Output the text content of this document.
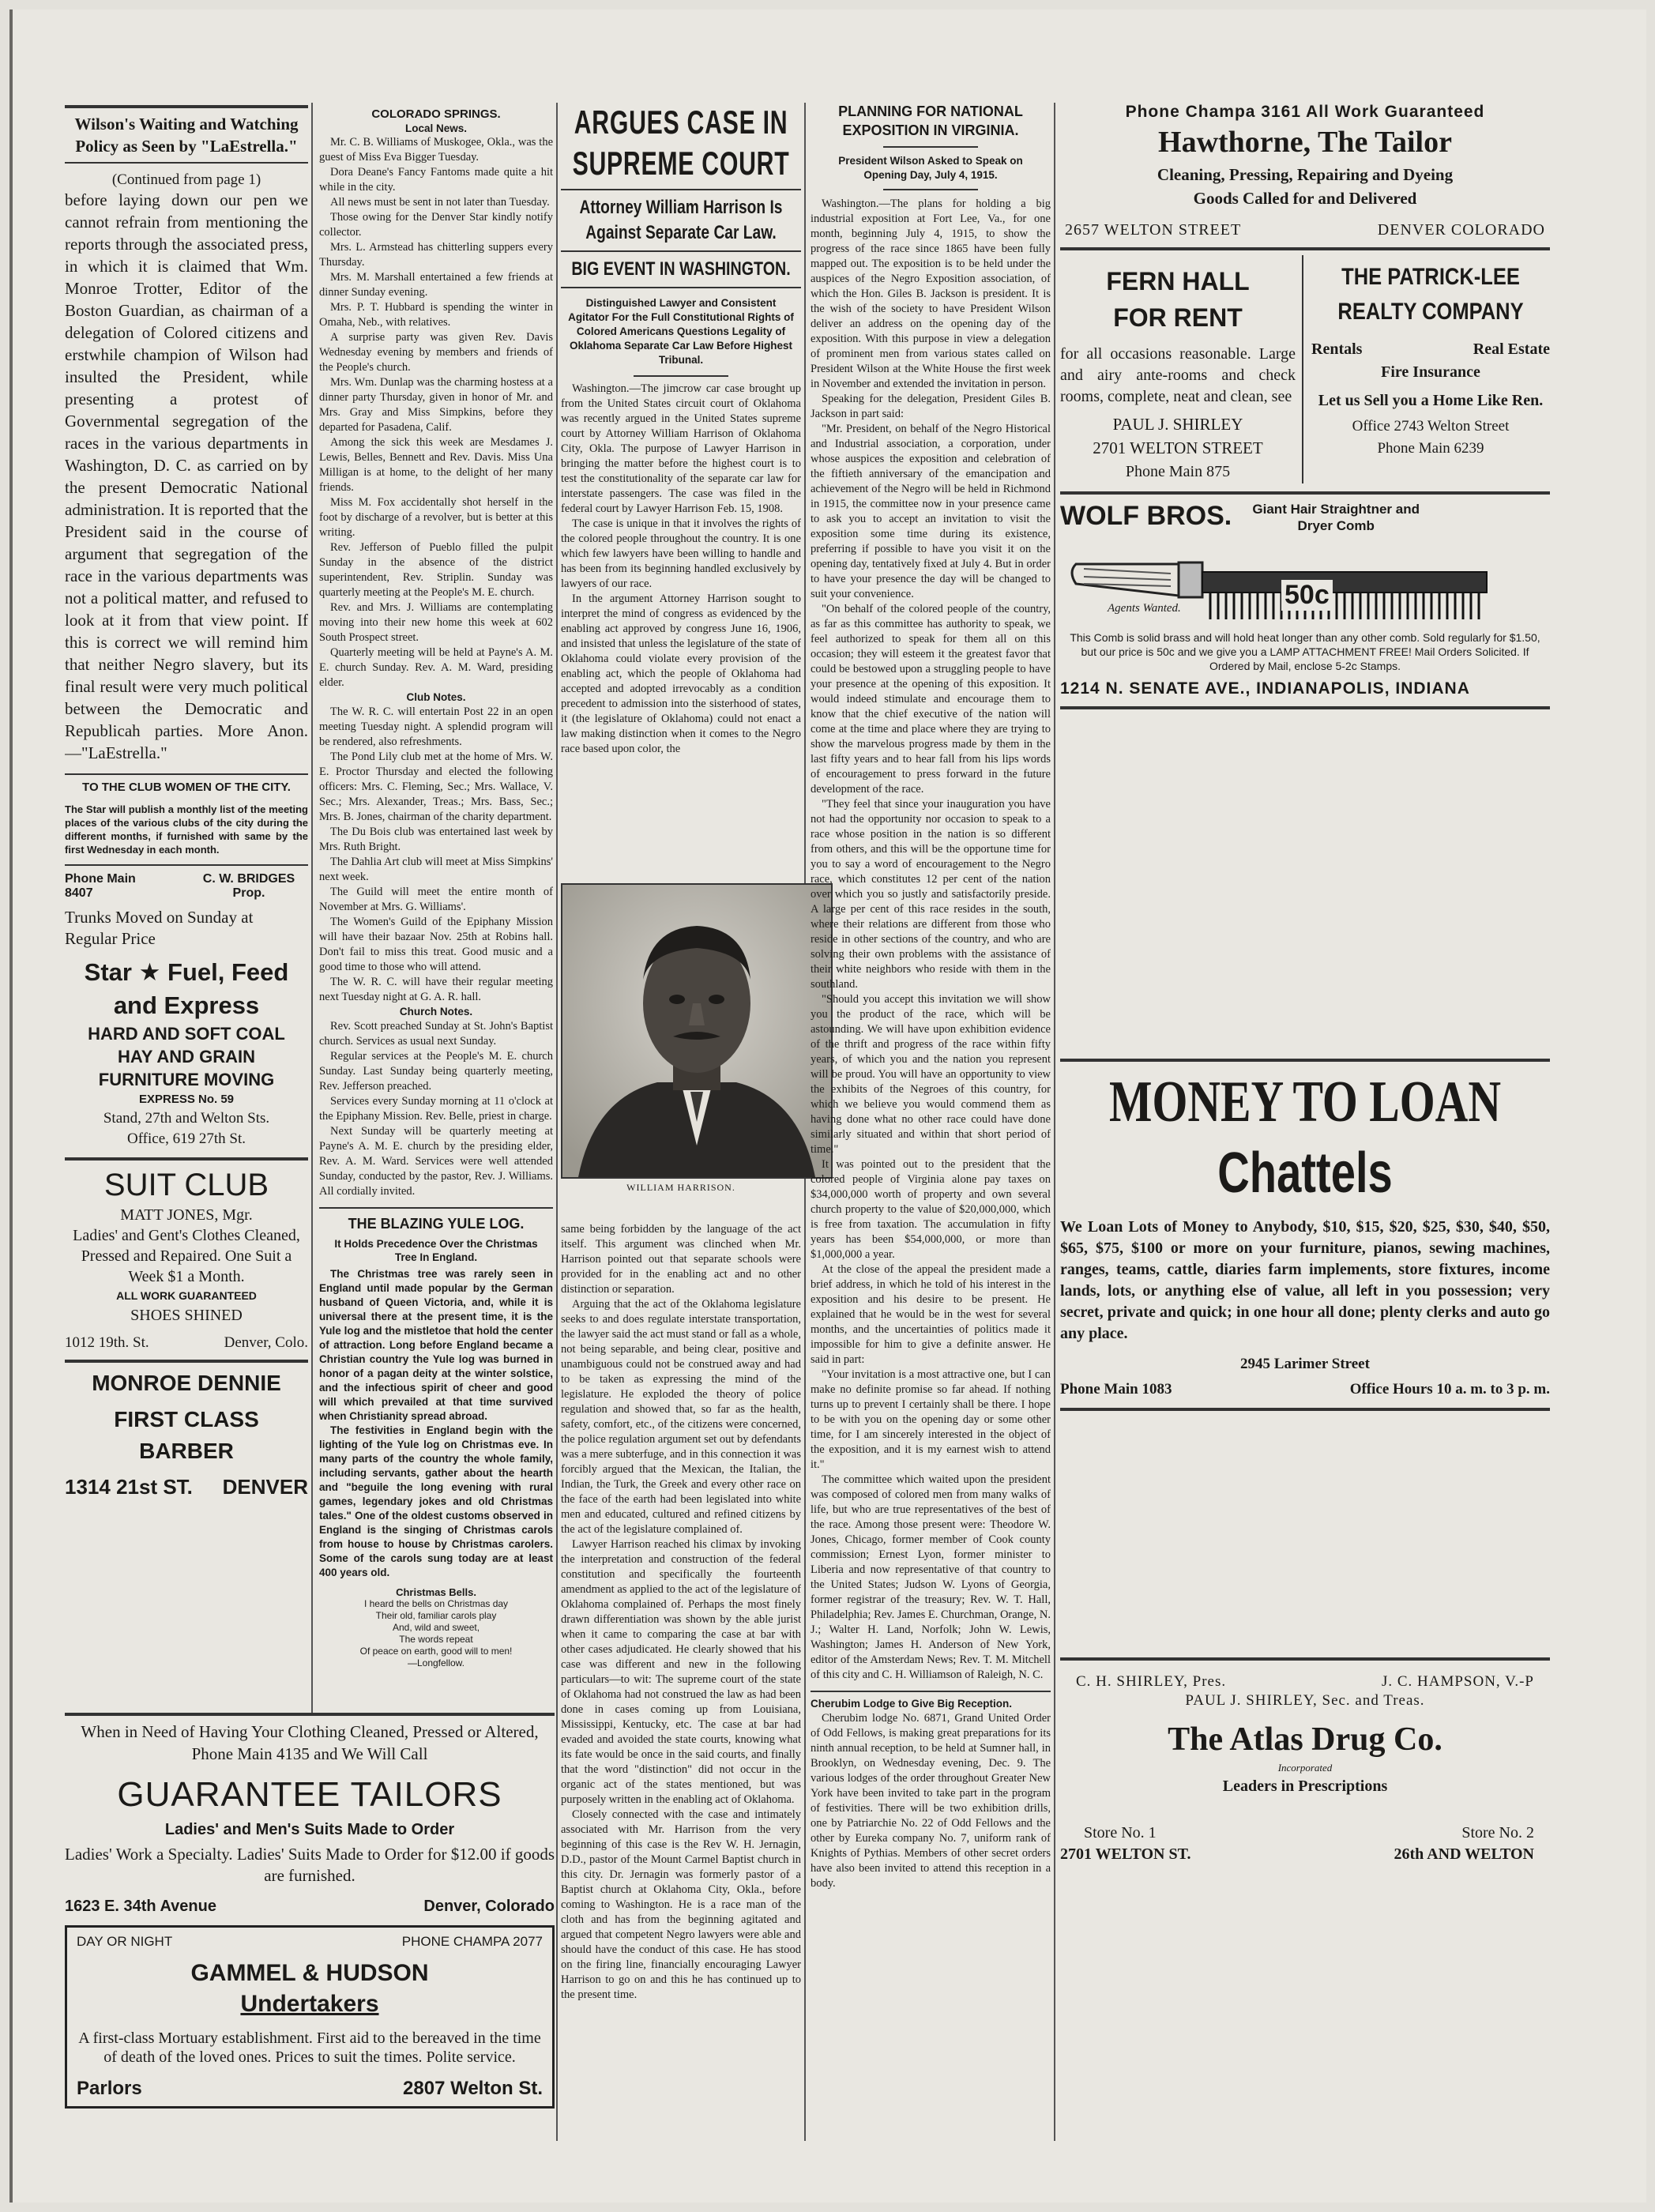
Wilson's Waiting and Watching Policy as Seen by "LaEstrella."
(Continued from page 1)
before laying down our pen we cannot refrain from mentioning the reports through the associated press, in which it is claimed that Wm. Monroe Trotter, Editor of the Boston Guardian, as chairman of a delegation of Colored citizens and erstwhile champion of Wilson had insulted the President, while presenting a protest of Governmental segregation of the races in the various departments in Washington, D. C. as carried on by the present Democratic National administration. It is reported that the President said in the course of argument that segregation of the race in the various departments was not a political matter, and refused to look at it from that view point. If this is correct we will remind him that neither Negro slavery, but its final result were very much political between the Democratic and Republicah parties. More Anon.—"LaEstrella."
TO THE CLUB WOMEN OF THE CITY.
The Star will publish a monthly list of the meeting places of the various clubs of the city during the different months, if furnished with same by the first Wednesday in each month.
Phone Main 8407
C. W. BRIDGES Prop.
Trunks Moved on Sunday at Regular Price
Star ★ Fuel, Feed and Express
HARD AND SOFT COAL
HAY AND GRAIN
FURNITURE MOVING
EXPRESS No. 59
Stand, 27th and Welton Sts.
Office, 619 27th St.
SUIT CLUB
MATT JONES, Mgr.
Ladies' and Gent's Clothes Cleaned, Pressed and Repaired. One Suit a Week $1 a Month.
ALL WORK GUARANTEED
SHOES SHINED
1012 19th. St.	Denver, Colo.
MONROE DENNIE
FIRST CLASS BARBER
1314 21st ST. DENVER
COLORADO SPRINGS.
Local News.

Mr. C. B. Williams of Muskogee, Okla., was the guest of Miss Eva Bigger Tuesday.

Dora Deane's Fancy Fantoms made quite a hit while in the city.

All news must be sent in not later than Tuesday.

Those owing for the Denver Star kindly notify collector.

Mrs. L. Armstead has chitterling suppers every Thursday.

Mrs. M. Marshall entertained a few friends at dinner Sunday evening.

Mrs. P. T. Hubbard is spending the winter in Omaha, Neb., with relatives.

A surprise party was given Rev. Davis Wednesday evening by members and friends of the People's church.

Mrs. Wm. Dunlap was the charming hostess at a dinner party Thursday, given in honor of Mr. and Mrs. Gray and Miss Simpkins, before they departed for Pasadena, Calif.

Among the sick this week are Mesdames J. Lewis, Belles, Bennett and Rev. Davis. Miss Una Milligan is at home, to the delight of her many friends.

Miss M. Fox accidentally shot herself in the foot by discharge of a revolver, but is better at this writing.

Rev. Jefferson of Pueblo filled the pulpit Sunday in the absence of the district superintendent, Rev. Striplin. Sunday was quarterly meeting at the People's M. E. church.

Rev. and Mrs. J. Williams are contemplating moving into their new home this week at 602 South Prospect street.

Quarterly meeting will be held at Payne's A. M. E. church Sunday. Rev. A. M. Ward, presiding elder.

Club Notes.

The W. R. C. will entertain Post 22 in an open meeting Tuesday night. A splendid program will be rendered, also refreshments.

The Pond Lily club met at the home of Mrs. W. E. Proctor Thursday and elected the following officers: Mrs. C. Fleming, Sec.; Mrs. Wallace, V. Sec.; Mrs. Alexander, Treas.; Mrs. Bass, Sec.; Mrs. B. Jones, chairman of the charity department.

The Du Bois club was entertained last week by Mrs. Ruth Bright.

The Dahlia Art club will meet at Miss Simpkins' next week.

The Guild will meet the entire month of November at Mrs. G. Williams'.

The Women's Guild of the Epiphany Mission will have their bazaar Nov. 25th at Robins hall. Don't fail to miss this treat. Good music and a good time to those who will attend.

The W. R. C. will have their regular meeting next Tuesday night at G. A. R. hall.

Church Notes.

Rev. Scott preached Sunday at St. John's Baptist church. Services as usual next Sunday.

Regular services at the People's M. E. church Sunday. Last Sunday being quarterly meeting, Rev. Jefferson preached.

Services every Sunday morning at 11 o'clock at the Epiphany Mission. Rev. Belle, priest in charge.

Next Sunday will be quarterly meeting at Payne's A. M. E. church by the presiding elder, Rev. A. M. Ward. Services were well attended Sunday, conducted by the pastor, Rev. J. Williams. All cordially invited.

THE BLAZING YULE LOG.
It Holds Precedence Over the Christmas Tree In England.

The Christmas tree was rarely seen in England until made popular by the German husband of Queen Victoria, and, while it is universal there at the present time, it is the Yule log and the mistletoe that hold the center of attraction. Long before England became a Christian country the Yule log was burned in honor of a pagan deity at the winter solstice, and the infectious spirit of cheer and good will which prevailed at that time survived when Christianity spread abroad.

The festivities in England begin with the lighting of the Yule log on Christmas eve. In many parts of the country the whole family, including servants, gather about the hearth and "beguile the long evening with rural games, legendary jokes and old Christmas tales." One of the oldest customs observed in England is the singing of Christmas carols from house to house by Christmas carolers. Some of the carols sung today are at least 400 years old.

Christmas Bells.
I heard the bells on Christmas day
Their old, familiar carols play
And, wild and sweet,
The words repeat
Of peace on earth, good will to men!
—Longfellow.
ARGUES CASE IN SUPREME COURT
Attorney William Harrison Is Against Separate Car Law.
BIG EVENT IN WASHINGTON.
Distinguished Lawyer and Consistent Agitator For the Full Constitutional Rights of Colored Americans Questions Legality of Oklahoma Separate Car Law Before Highest Tribunal.

Washington.—The jimcrow car case brought up from the United States circuit court of Oklahoma was recently argued in the United States supreme court by Attorney William Harrison of Oklahoma City, Okla. The purpose of Lawyer Harrison in bringing the matter before the highest court is to test the constitutionality of the separate car law for interstate passengers. The case was filed in the federal court by Lawyer Harrison Feb. 15, 1908.

The case is unique in that it involves the rights of the colored people throughout the country. It is one which few lawyers have been willing to handle and has been from its beginning handled exclusively by lawyers of our race.

In the argument Attorney Harrison sought to interpret the mind of congress as evidenced by the enabling act approved by congress June 16, 1906, and insisted that unless the legislature of the state of Oklahoma could violate every provision of the enabling act, which the people of Oklahoma had accepted and adopted irrevocably as a condition precedent to admission into the sisterhood of states, it (the legislature of Oklahoma) could not enact a law making distinction when it comes to the Negro race based upon color, the

WILLIAM HARRISON.

same being forbidden by the language of the act itself. This argument was clinched when Mr. Harrison pointed out that separate schools were provided for in the enabling act and no other distinction or separation.

Arguing that the act of the Oklahoma legislature seeks to and does regulate interstate transportation, the lawyer said the act must stand or fall as a whole, not being separable, and being clear, positive and unambiguous could not be construed away and had to be taken as expressing the mind of the legislature. He exploded the theory of police regulation and showed that, so far as the health, safety, comfort, etc., of the citizens were concerned, the police regulation argument set out by defendants was a mere subterfuge, and in this connection it was forcibly argued that the Mexican, the Italian, the Indian, the Turk, the Greek and every other race on the face of the earth had been legislated into white men and educated, cultured and refined citizens by the act of the legislature complained of.

Lawyer Harrison reached his climax by invoking the interpretation and construction of the federal constitution and specifically the fourteenth amendment as applied to the act of the legislature of Oklahoma complained of. Perhaps the most finely drawn differentiation was shown by the able jurist when it came to comparing the case at bar with other cases adjudicated. He clearly showed that his case was different and new in the following particulars—to wit: The supreme court of the state of Oklahoma had not construed the law as had been done in cases coming up from Louisiana, Mississippi, Kentucky, etc. The case at bar had evaded and avoided the state courts, knowing what its fate would be once in the said courts, and finally that the word "distinction" did not occur in the organic act of the states mentioned, but was purposely written in the enabling act of Oklahoma.

Closely connected with the case and intimately associated with Mr. Harrison from the very beginning of this case is the Rev W. H. Jernagin, D.D., pastor of the Mount Carmel Baptist church in this city. Dr. Jernagin was formerly pastor of a Baptist church at Oklahoma City, Okla., before coming to Washington. He is a race man of the cloth and has from the beginning agitated and argued that competent Negro lawyers were able and should have the conduct of this case. He has stood on the firing line, financially encouraging Lawyer Harrison to go on and this he has continued up to the present time.

PLANNING FOR NATIONAL EXPOSITION IN VIRGINIA.
President Wilson Asked to Speak on Opening Day, July 4, 1915.

Washington.—The plans for holding a big industrial exposition at Fort Lee, Va., for one month, beginning July 4, 1915, to show the progress of the race since 1865 have been fully mapped out. The exposition is to be held under the auspices of the Negro Exposition association, of which the Hon. Giles B. Jackson is president. It is the wish of the society to have President Wilson deliver an address on the opening day of the exposition. With this purpose in view a delegation of prominent men from various states called on President Wilson at the White House the first week in November and extended the invitation in person.

Speaking for the delegation, President Giles B. Jackson in part said:

"Mr. President, on behalf of the Negro Historical and Industrial association, a corporation, under whose auspices the exposition and celebration of the fiftieth anniversary of the emancipation and achievement of the Negro will be held in Richmond in 1915, the committee now in your presence came to ask you to accept an invitation to visit the exposition some time during its existence, preferring if possible to have you visit it on the opening day, tentatively fixed at July 4. But in order to have your presence the day will be changed to suit your convenience.

"On behalf of the colored people of the country, as far as this committee has authority to speak, we feel authorized to speak for them all on this occasion; they will esteem it the greatest favor that could be bestowed upon a struggling people to have your presence at the opening of this exposition. It would indeed stimulate and encourage them to know that the chief executive of the nation will come at the time and place where they are trying to show the marvelous progress made by them in the last fifty years and to hear fall from his lips words of encouragement to press forward in the future development of the race.

"They feel that since your inauguration you have not had the opportunity nor occasion to speak to a race whose position in the nation is so different from others, and this will be the opportune time for you to say a word of encouragement to the Negro race, which constitutes 12 per cent of the nation over which you so justly and satisfactorily preside. A large per cent of this race resides in the south, where their relations are different from those who reside in other sections of the country, and who are solving their own problems with the assistance of their white neighbors who reside with them in the southland.

"Should you accept this invitation we will show you the product of the race, which will be astounding. We will have upon exhibition evidence of the thrift and progress of the race within fifty years, of which you and the nation you represent will be proud. You will have an opportunity to view the exhibits of the Negroes of this country, for which we believe you would commend them as having done what no other race could have done similarly situated and within that short period of time."

It was pointed out to the president that the colored people of Virginia alone pay taxes on $34,000,000 worth of property and own several church property to the value of $20,000,000, which is free from taxation. The accumulation in fifty years has been $54,000,000, or more than $1,000,000 a year.

At the close of the appeal the president made a brief address, in which he told of his interest in the exposition and his desire to be present. He explained that he would be in the west for several months, and the uncertainties of politics made it impossible for him to give a definite answer. He said in part:

"Your invitation is a most attractive one, but I can make no definite promise so far ahead. If nothing turns up to prevent I certainly shall be there. I hope to be with you on the opening day or some other time, for I am sincerely interested in the object of the exposition, and it is my earnest wish to attend it."

The committee which waited upon the president was composed of colored men from many walks of life, but who are true representatives of the best of the race. Among those present were: Theodore W. Jones, Chicago, former member of Cook county commission; Ernest Lyon, former minister to Liberia and now representative of that country to the United States; Judson W. Lyons of Georgia, former registrar of the treasury; Rev. W. T. Hall, Philadelphia; Rev. James E. Churchman, Orange, N. J.; Walter H. Land, Norfolk; John W. Lewis, Washington; James H. Anderson of New York, editor of the Amsterdam News; Rev. T. M. Mitchell of this city and C. H. Williamson of Raleigh, N. C.

Cherubim Lodge to Give Big Reception.

Cherubim lodge No. 6871, Grand United Order of Odd Fellows, is making great preparations for its ninth annual reception, to be held at Sumner hall, in Brooklyn, on Wednesday evening, Dec. 9. The various lodges of the order throughout Greater New York have been invited to take part in the program of festivities. There will be two exhibition drills, one by Patriarchie No. 22 of Odd Fellows and the other by Eureka company No. 7, uniform rank of Knights of Pythias. Members of other secret orders have also been invited to attend this reception in a body.

Phone Champa 3161 All Work Guaranteed
Hawthorne, The Tailor
Cleaning, Pressing, Repairing and Dyeing
Goods Called for and Delivered
2657 WELTON STREET	DENVER COLORADO
FERN HALL FOR RENT
for all occasions reasonable. Large and airy ante-rooms and check rooms, complete, neat and clean, see
PAUL J. SHIRLEY
2701 WELTON STREET
Phone Main 875
THE PATRICK-LEE REALTY COMPANY
Rentals	Real Estate
Fire Insurance
Let us Sell you a Home Like Ren.
Office 2743 Welton Street
Phone Main 6239
WOLF BROS.	Giant Hair Straightner and Dryer Comb
Agents Wanted.	50c
This Comb is solid brass and will hold heat longer than any other comb. Sold regularly for $1.50, but our price is 50c and we give you a LAMP ATTACHMENT FREE! Mail Orders Solicited. If Ordered by Mail, enclose 5-2c Stamps.
1214 N. SENATE AVE., INDIANAPOLIS, INDIANA
MONEY TO LOAN
Chattels
We Loan Lots of Money to Anybody, $10, $15, $20, $25, $30, $40, $50, $65, $75, $100 or more on your furniture, pianos, sewing machines, ranges, teams, cattle, diaries farm implements, store fixtures, income lands, lots, or anything else of value, all left in you possession; very secret, private and quick; in one hour all done; plenty clerks and auto go any place.
2945 Larimer Street
Phone Main 1083	Office Hours 10 a. m. to 3 p. m.
C. H. SHIRLEY, Pres.	J. C. HAMPSON, V.-P
PAUL J. SHIRLEY, Sec. and Treas.
The Atlas Drug Co.
Incorporated
Leaders in Prescriptions
Store No. 1	Store No. 2
2701 WELTON ST.	26th AND WELTON
When in Need of Having Your Clothing Cleaned, Pressed or Altered, Phone Main 4135 and We Will Call
GUARANTEE TAILORS
Ladies' and Men's Suits Made to Order
Ladies' Work a Specialty. Ladies' Suits Made to Order for $12.00 if goods are furnished.
1623 E. 34th Avenue	Denver, Colorado
DAY OR NIGHT	PHONE CHAMPA 2077
GAMMEL & HUDSON
Undertakers
A first-class Mortuary establishment. First aid to the bereaved in the time of death of the loved ones. Prices to suit the times. Polite service.
Parlors	2807 Welton St.
